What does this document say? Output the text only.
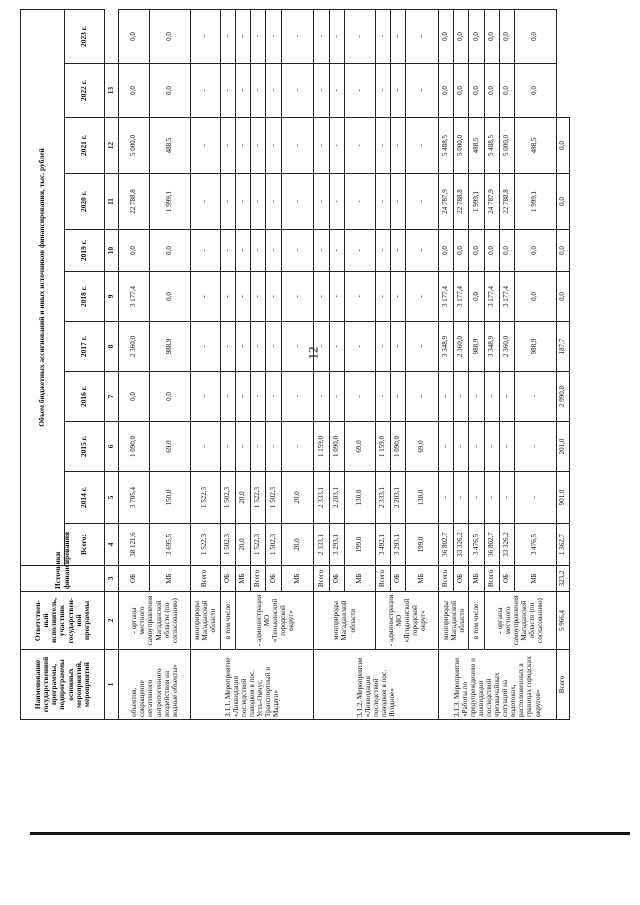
12
Наименование государственной программы, подпрограммы основных мероприятий, мероприятий	Ответствен-ный исполнитель, участник государствен-ной программы	Источники финансирования	Объем бюджетных ассигнований и иных источников финансирования, тыс. рублей										
			Всего:	2014 г.	2015 г.	2016 г.	2017 г.	2018 г.	2019 г.	2020 г.	2021 г.	2022 г.	2023 г.
1	2	3	4	5	6	7	8	9	10	11	12	13	
объектов, сокращение негативного антропогенного воздействия на водные объекты»	- органы местного самоуправления Магаданской области (по согласованию)	ОБ	38 121,6	3 705,4	1 090,0	0,0	2 360,0	3 177,4	0,0	22 788,8	5 000,0	0,0	0,0
		МБ	3 695,5	150,0	69,0	0,0	988,9	0,0	0,0	1 999,1	488,5	0,0	0,0
3.1.1. Мероприятие «Ликвидация последствий паводков в пос. Усть-Омчуг, Транспортный и Мадаун»	минприроды Магаданской области	Всего	1 522,3	1 522,3	-	-	-	-	-	-	-	-	-
	в том числе:	ОБ	1 502,3	1 502,3	-	-	-	-	-	-	-	-	-
	- администрация МО «Тенькинский городской округ»	МБ	20,0	20,0	-	-	-	-	-	-	-	-	-
		Всего	1 522,3	1 522,3	-	-	-	-	-	-	-	-	-
		ОБ	1 502,3	1 502,3	-	-	-	-	-	-	-	-	-
		МБ	20,0	20,0	-	-	-	-	-	-	-	-	-
3.1.2. Мероприятие «Ликвидация последствий паводков в пос. Ягодное»	минприроды Магаданской области	Всего	2 333,1	2 333,1	1 159,0	-	-	-	-	-	-	-	-
		ОБ	3 293,1	2 203,1	1 090,0	-	-	-	-	-	-	-	-
		МБ	199,0	130,0	69,0	-	-	-	-	-	-	-	-
	- администрация МО «Ягоднинский городской округ»	Всего	3 492,1	2 333,1	1 159,0	-	-	-	-	-	-	-	-
		ОБ	3 293,1	2 203,1	1 090,0	-	-	-	-	-	-	-	-
		МБ	199,0	130,0	69,0	-	-	-	-	-	-	-	-
3.1.3. Мероприятие «Работы по предупреждению и ликвидации последствий чрезвычайных ситуаций на водотоках, расположенных в границах городских округов»	минприроды Магаданской области	Всего	36 802,7	-	-	-	3 348,9	3 177,4	0,0	24 787,9	5 488,5	0,0	0,0
		ОБ	33 326,2	-	-	-	2 360,0	3 177,4	0,0	22 788,8	5 000,0	0,0	0,0
	в том числе:	МБ	3 476,5	-	-	-	988,9	0,0	0,0	1 999,1	488,5	0,0	0,0
	- органы местного самоуправления Магаданской области (по согласованию)	Всего	36 802,7	-	-	-	3 348,9	3 177,4	0,0	24 787,9	5 488,5	0,0	0,0
		ОБ	33 326,2	-	-	-	2 360,0	3 177,4	0,0	22 788,8	5 000,0	0,0	0,0
		МБ	3 476,5	-	-	-	988,9	0,0	0,0	1 999,1	488,5	0,0	0,0
Всего	5 966,4	323,2	1 362,7	901,0	201,0	2 990,8	187,7	0,0	0,0	0,0	0,0		
